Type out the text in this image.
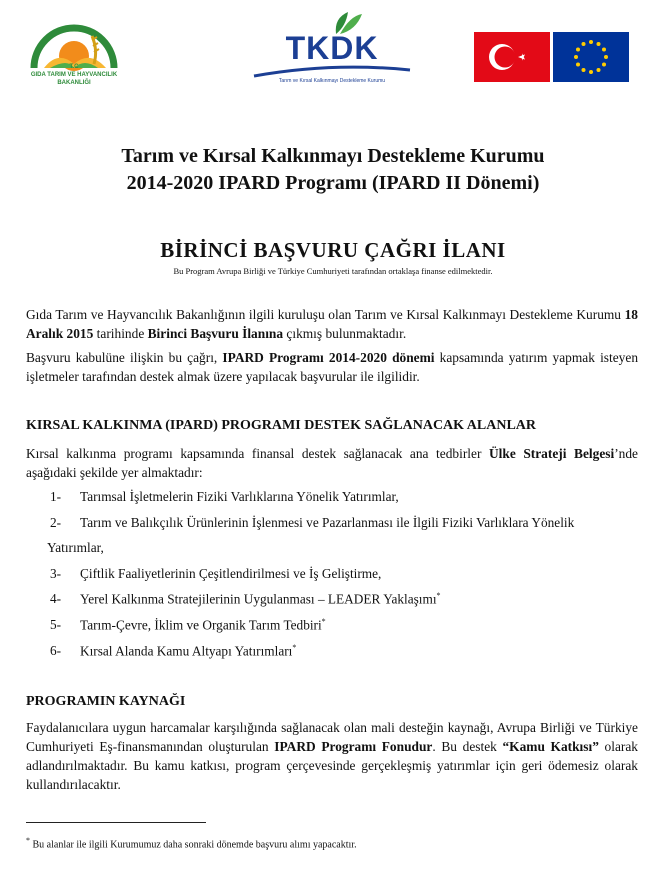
T.C
GIDA TARIM VE HAYVANCILIK
BAKANLIĞI
TKDK
Tarım ve Kırsal Kalkınmayı Destekleme Kurumu
Tarım ve Kırsal Kalkınmayı Destekleme Kurumu
2014-2020 IPARD Programı (IPARD II Dönemi)
BİRİNCİ BAŞVURU ÇAĞRI İLANI
Bu Program Avrupa Birliği ve Türkiye Cumhuriyeti tarafından ortaklaşa finanse edilmektedir.
Gıda Tarım ve Hayvancılık Bakanlığının ilgili kuruluşu olan Tarım ve Kırsal Kalkınmayı Destekleme Kurumu 18 Aralık 2015 tarihinde Birinci Başvuru İlanına çıkmış bulunmaktadır.
Başvuru kabulüne ilişkin bu çağrı, IPARD Programı 2014-2020 dönemi kapsamında yatırım yapmak isteyen işletmeler tarafından destek almak üzere yapılacak başvurular ile ilgilidir.
KIRSAL KALKINMA (IPARD) PROGRAMI DESTEK SAĞLANACAK ALANLAR
Kırsal kalkınma programı kapsamında finansal destek sağlanacak ana tedbirler Ülke Strateji Belgesi’nde aşağıdaki şekilde yer almaktadır:
1- Tarımsal İşletmelerin Fiziki Varlıklarına Yönelik Yatırımlar,
2- Tarım ve Balıkçılık Ürünlerinin İşlenmesi ve Pazarlanması ile İlgili Fiziki Varlıklara Yönelik
Yatırımlar,
3- Çiftlik Faaliyetlerinin Çeşitlendirilmesi ve İş Geliştirme,
4- Yerel Kalkınma Stratejilerinin Uygulanması – LEADER Yaklaşımı*
5- Tarım-Çevre, İklim ve Organik Tarım Tedbiri*
6- Kırsal Alanda Kamu Altyapı Yatırımları*
PROGRAMIN KAYNAĞI
Faydalanıcılara uygun harcamalar karşılığında sağlanacak olan mali desteğin kaynağı, Avrupa Birliği ve Türkiye Cumhuriyeti Eş-finansmanından oluşturulan IPARD Programı Fonudur. Bu destek “Kamu Katkısı” olarak adlandırılmaktadır. Bu kamu katkısı, program çerçevesinde gerçekleşmiş yatırımlar için geri ödemesiz olarak kullandırılacaktır.
* Bu alanlar ile ilgili Kurumumuz daha sonraki dönemde başvuru alımı yapacaktır.
